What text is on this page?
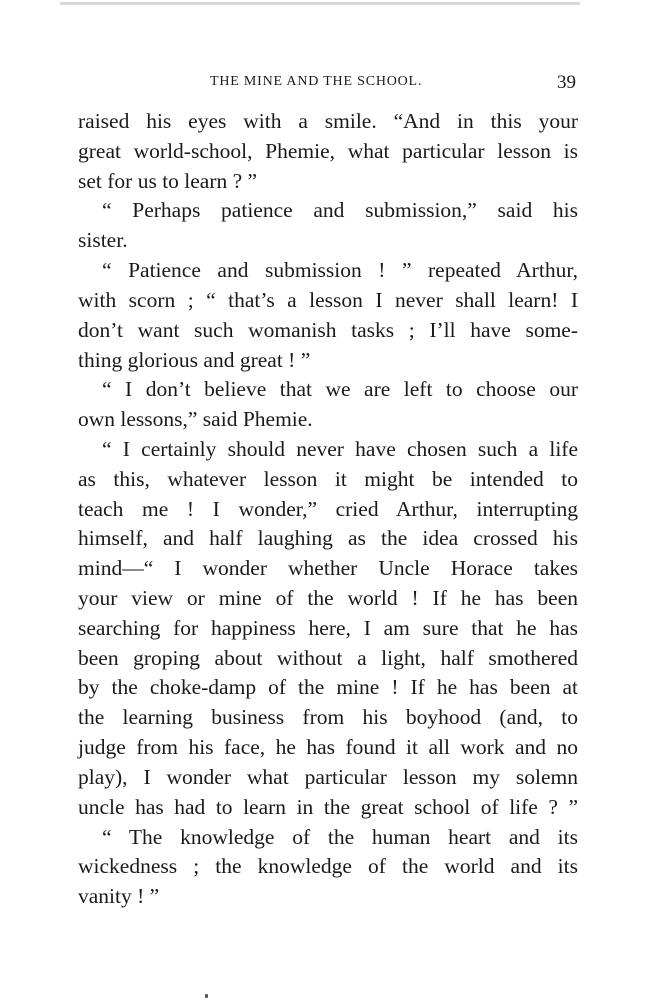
THE MINE AND THE SCHOOL.	39
raised his eyes with a smile. “And in this your
great world-school, Phemie, what particular lesson is
set for us to learn ? ”
“ Perhaps patience and submission,” said his
sister.
“ Patience and submission ! ” repeated Arthur,
with scorn ; “ that’s a lesson I never shall learn! I
don’t want such womanish tasks ; I’ll have some-
thing glorious and great ! ”
“ I don’t believe that we are left to choose our
own lessons,” said Phemie.
“ I certainly should never have chosen such a life
as this, whatever lesson it might be intended to
teach me ! I wonder,” cried Arthur, interrupting
himself, and half laughing as the idea crossed his
mind—“ I wonder whether Uncle Horace takes
your view or mine of the world ! If he has been
searching for happiness here, I am sure that he has
been groping about without a light, half smothered
by the choke-damp of the mine ! If he has been at
the learning business from his boyhood (and, to
judge from his face, he has found it all work and no
play), I wonder what particular lesson my solemn
uncle has had to learn in the great school of life ? ”
“ The knowledge of the human heart and its
wickedness ; the knowledge of the world and its
vanity ! ”
